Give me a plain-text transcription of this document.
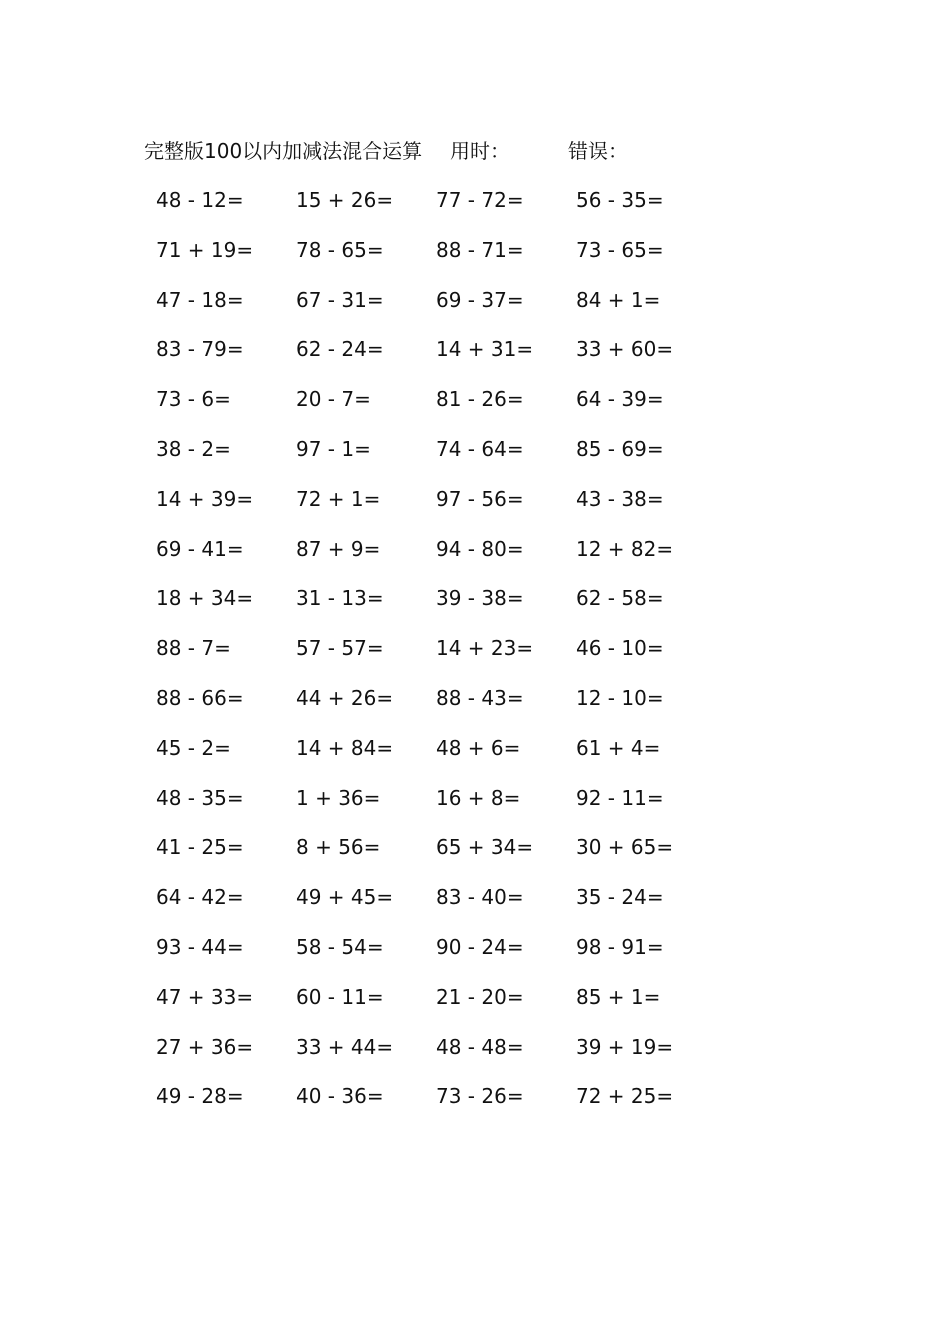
完整版100以内加减法混合运算 用时：	错误：
48 - 12=	15 + 26= 77 - 72=	56 - 35=
71 + 19= 78 - 65=	88 - 71=	73 - 65=
47 - 18=	67 - 31=	69 - 37=	84 + 1=
83 - 79=	62 - 24=	14 + 31= 33 + 60=
73 - 6=	20 - 7=	81 - 26=	64 - 39=
38 - 2=	97 - 1=	74 - 64=	85 - 69=
14 + 39= 72 + 1=	97 - 56=	43 - 38=
69 - 41=	87 + 9=	94 - 80=	12 + 82=
18 + 34= 31 - 13=	39 - 38=	62 - 58=
88 - 7=	57 - 57=	14 + 23= 46 - 10=
88 - 66=	44 + 26= 88 - 43=	12 - 10=
45 - 2=	14 + 84= 48 + 6=	61 + 4=
48 - 35=	1 + 36=	16 + 8=	92 - 11=
41 - 25=	8 + 56=	65 + 34= 30 + 65=
64 - 42=	49 + 45= 83 - 40=	35 - 24=
93 - 44=	58 - 54=	90 - 24=	98 - 91=
47 + 33= 60 - 11=	21 - 20=	85 + 1=
27 + 36= 33 + 44= 48 - 48=	39 + 19=
49 - 28=	40 - 36=	73 - 26=	72 + 25=
